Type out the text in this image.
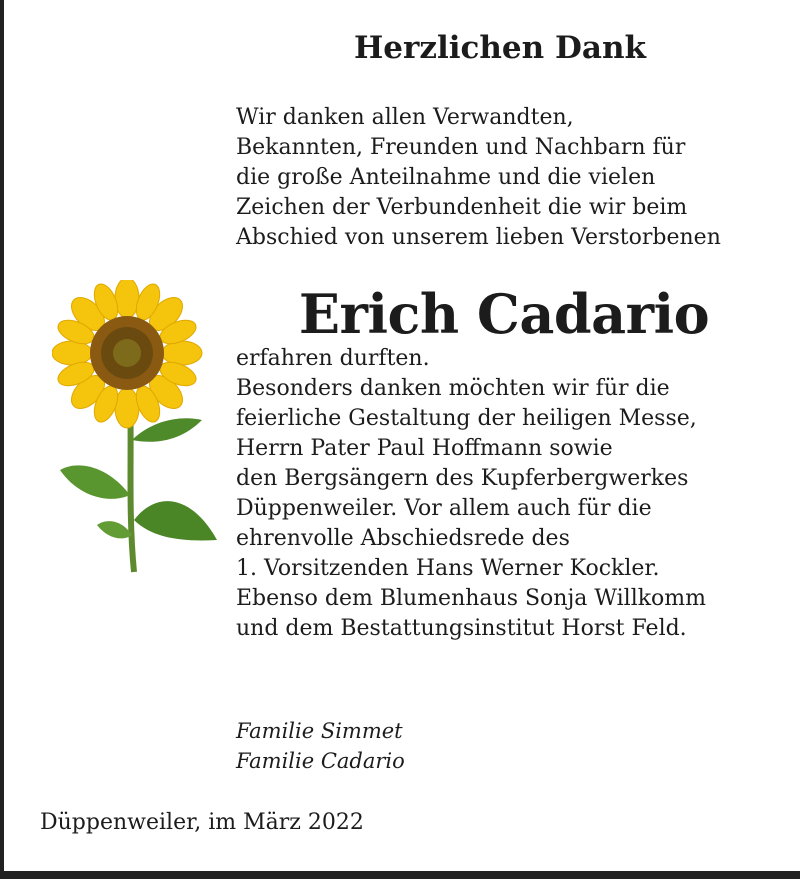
Herzlichen Dank
Wir danken allen Verwandten,
Bekannten, Freunden und Nachbarn für
die große Anteilnahme und die vielen
Zeichen der Verbundenheit die wir beim
Abschied von unserem lieben Verstorbenen
Erich Cadario
erfahren durften.
Besonders danken möchten wir für die
feierliche Gestaltung der heiligen Messe,
Herrn Pater Paul Hoffmann sowie
den Bergsängern des Kupferbergwerkes
Düppenweiler. Vor allem auch für die
ehrenvolle Abschiedsrede des
1. Vorsitzenden Hans Werner Kockler.
Ebenso dem Blumenhaus Sonja Willkomm
und dem Bestattungsinstitut Horst Feld.
Familie Simmet
Familie Cadario
Düppenweiler, im März 2022
